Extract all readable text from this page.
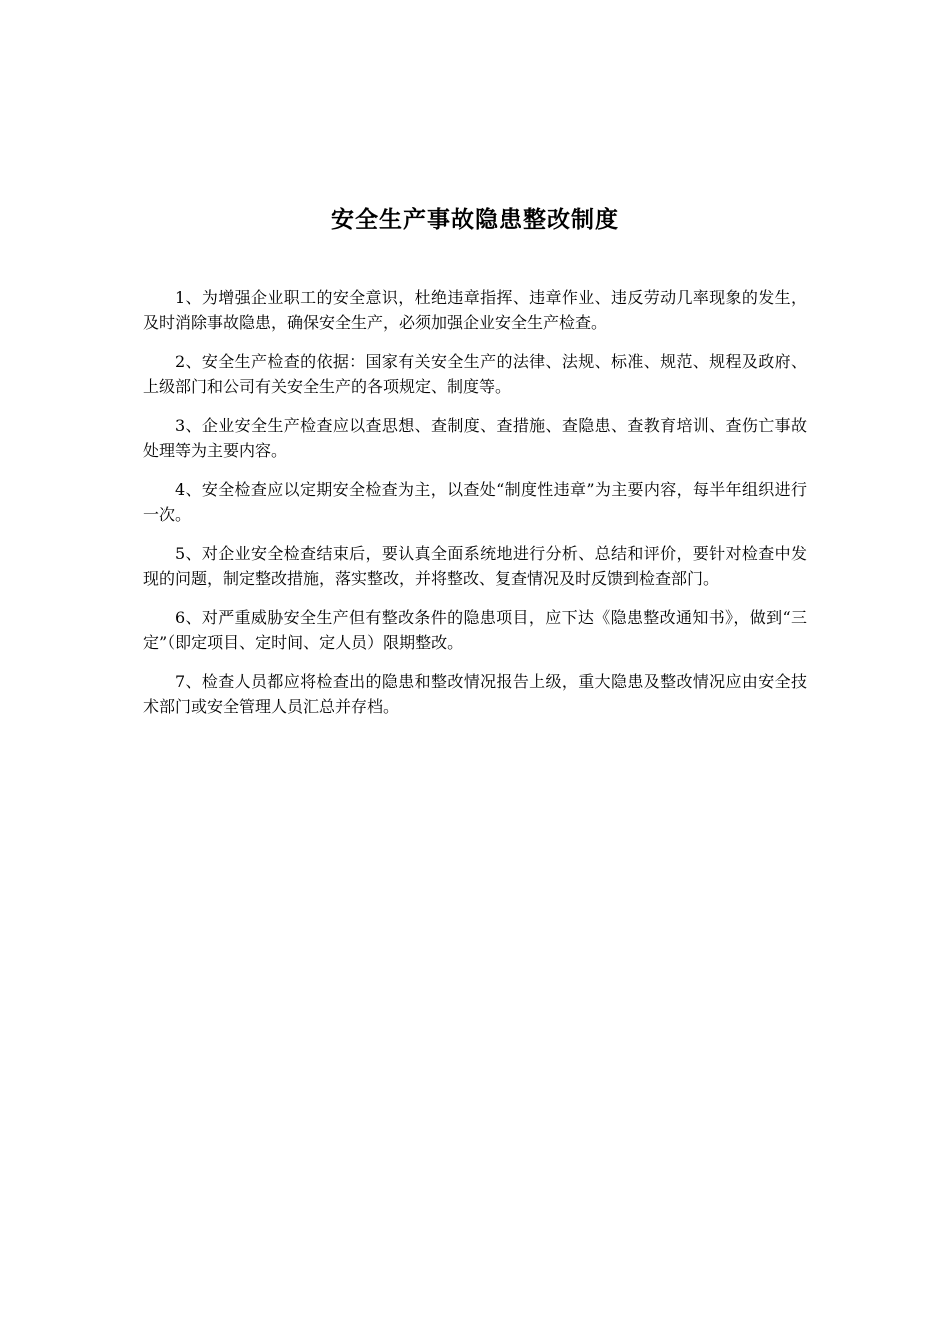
安全生产事故隐患整改制度

1、为增强企业职工的安全意识，杜绝违章指挥、违章作业、违反劳动几率现象的发生，及时消除事故隐患，确保安全生产，必须加强企业安全生产检查。

2、安全生产检查的依据：国家有关安全生产的法律、法规、标准、规范、规程及政府、上级部门和公司有关安全生产的各项规定、制度等。

3、企业安全生产检查应以查思想、查制度、查措施、查隐患、查教育培训、查伤亡事故处理等为主要内容。

4、安全检查应以定期安全检查为主，以查处“制度性违章”为主要内容，每半年组织进行一次。

5、对企业安全检查结束后，要认真全面系统地进行分析、总结和评价，要针对检查中发现的问题，制定整改措施，落实整改，并将整改、复查情况及时反馈到检查部门。

6、对严重威胁安全生产但有整改条件的隐患项目，应下达《隐患整改通知书》，做到“三定”（即定项目、定时间、定人员）限期整改。

7、检查人员都应将检查出的隐患和整改情况报告上级，重大隐患及整改情况应由安全技术部门或安全管理人员汇总并存档。
